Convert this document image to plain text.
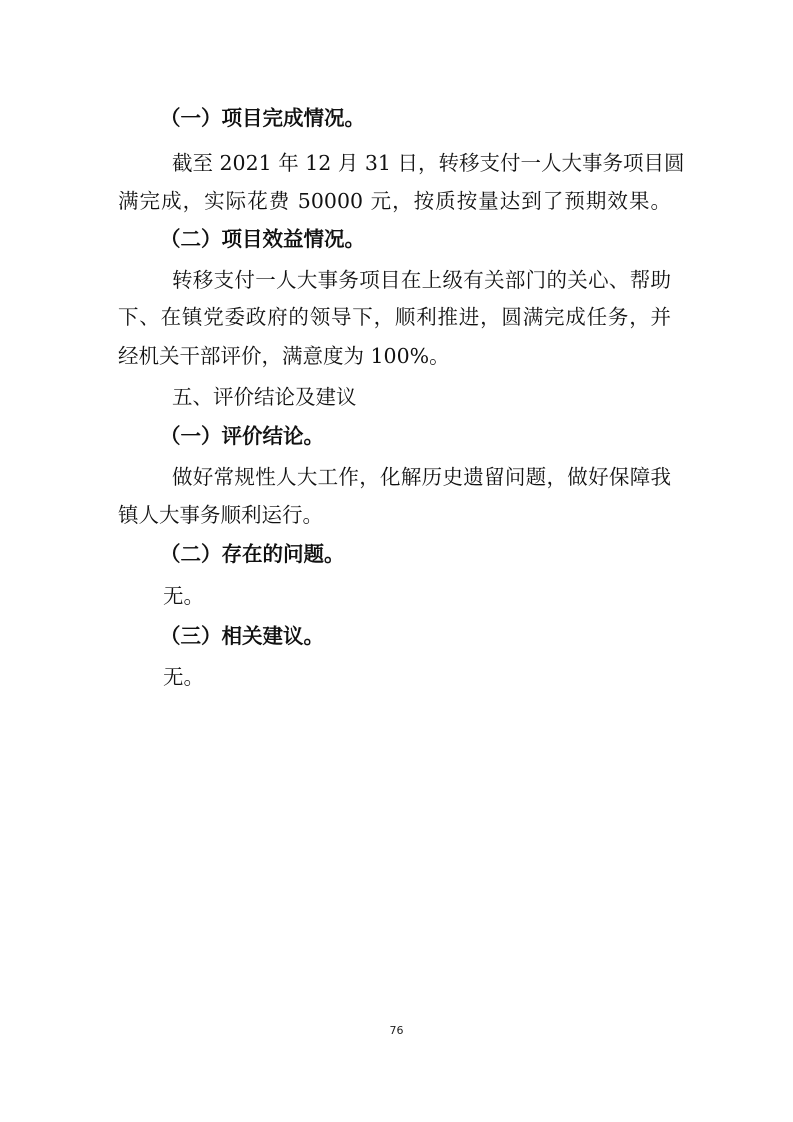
（一）项目完成情况。
截至 2021 年 12 月 31 日，转移支付一人大事务项目圆
满完成，实际花费 50000 元，按质按量达到了预期效果。
（二）项目效益情况。
转移支付一人大事务项目在上级有关部门的关心、帮助
下、在镇党委政府的领导下，顺利推进，圆满完成任务，并
经机关干部评价，满意度为 100%。
五、评价结论及建议
（一）评价结论。
做好常规性人大工作，化解历史遗留问题，做好保障我
镇人大事务顺利运行。
（二）存在的问题。
无。
（三）相关建议。
无。
76
